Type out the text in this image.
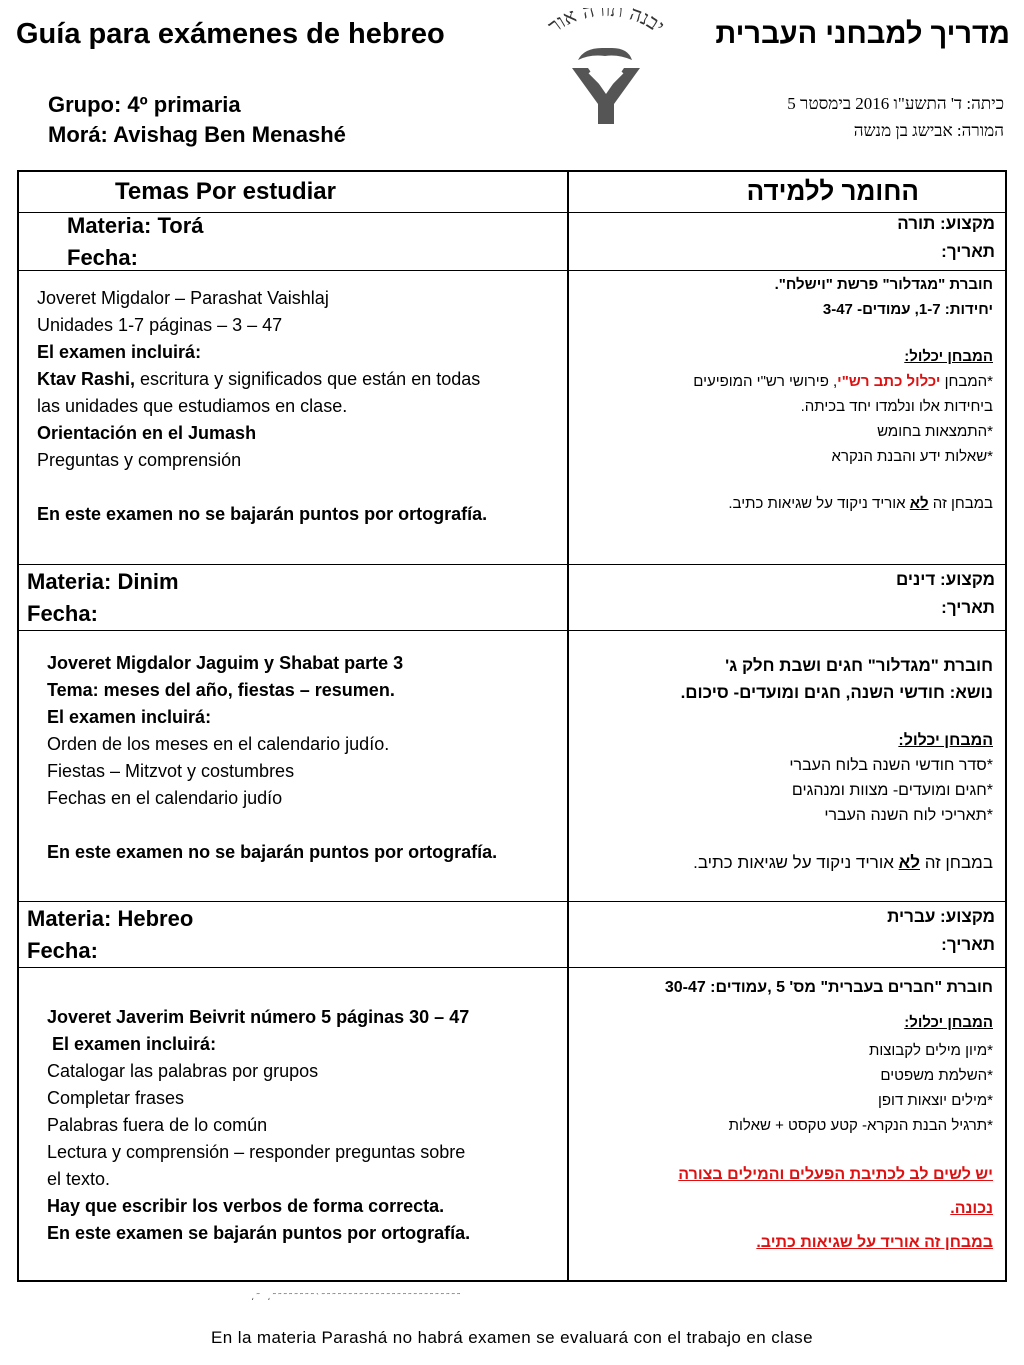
Guía para exámenes de hebreo	מדריך למבחני העברית
יבנה תורה אור
Grupo: 4º primaria
Morá: Avishag Ben Menashé
כיתה: ד' התשע"ו 2016 בימסטר 5
המורה: אבישג בן מנשה
Temas Por estudiar	החומר ללמידה
Materia: Torá
Fecha:
מקצוע: תורה
תאריך:
Joveret Migdalor – Parashat Vaishlaj
Unidades 1-7 páginas – 3 – 47
El examen incluirá:
Ktav Rashi, escritura y significados que están en todas
las unidades que estudiamos en clase.
Orientación en el Jumash
Preguntas y comprensión
En este examen no se bajarán puntos por ortografía.
חוברת "מגדלור" פרשת "וישלח".
יחידות: 1-7, עמודים- 3-47
המבחן יכלול:
*המבחן יכלול כתב רש"י, פירושי רש"י המופיעים
ביחידות אלו ונלמדו יחד בכיתה.
*התמצאות בחומש
*שאלות ידע והבנת הנקרא
במבחן זה לא אוריד ניקוד על שגיאות כתיב.
Materia: Dinim
Fecha:
מקצוע: דינים
תאריך:
Joveret Migdalor Jaguim y Shabat parte 3
Tema: meses del año, fiestas – resumen.
El examen incluirá:
Orden de los meses en el calendario judío.
Fiestas – Mitzvot y costumbres
Fechas en el calendario judío
En este examen no se bajarán puntos por ortografía.
חוברת "מגדלור" חגים ושבת חלק ג'
נושא: חודשי השנה, חגים ומועדים- סיכום.
המבחן יכלול:
*סדר חודשי השנה בלוח העברי
*חגים ומועדים- מצוות ומנהגים
*תאריכי לוח השנה העברי
במבחן זה לא אוריד ניקוד על שגיאות כתיב.
Materia: Hebreo
Fecha:
מקצוע: עברית
תאריך:
Joveret Javerim Beivrit número 5 páginas 30 – 47
El examen incluirá:
Catalogar las palabras por grupos
Completar frases
Palabras fuera de lo común
Lectura y comprensión – responder preguntas sobre
el texto.
Hay que escribir los verbos de forma correcta.
En este examen se bajarán puntos por ortografía.
חוברת "חברים בעברית" מס' 5 ,עמודים: 30-47
המבחן יכלול:
*מיון מילים לקבוצות
*השלמת משפטים
*מילים יוצאות דופן
*תרגיל הבנת הנקרא- קטע טקסט + שאלות
יש לשים לב לכתיבת הפעלים והמילים בצורה
נכונה.
במבחן זה אוריד על שגיאות כתיב.
، ̃ ، ̃ ̃ ̃ ̃ ̃ ̃ ̃ ̃ ̀ ̃ ̃ ̃ ̃ ̃ ̃ ̃ ̃ ̃ ̃ ̃ ̃ ̃ ̃ ̃ ̃ ̃ ̃ ̃ ̃ ̃ ̃ ̃ ̃ ̃ ̃
En la materia Parashá no habrá examen se evaluará con el trabajo en clase
